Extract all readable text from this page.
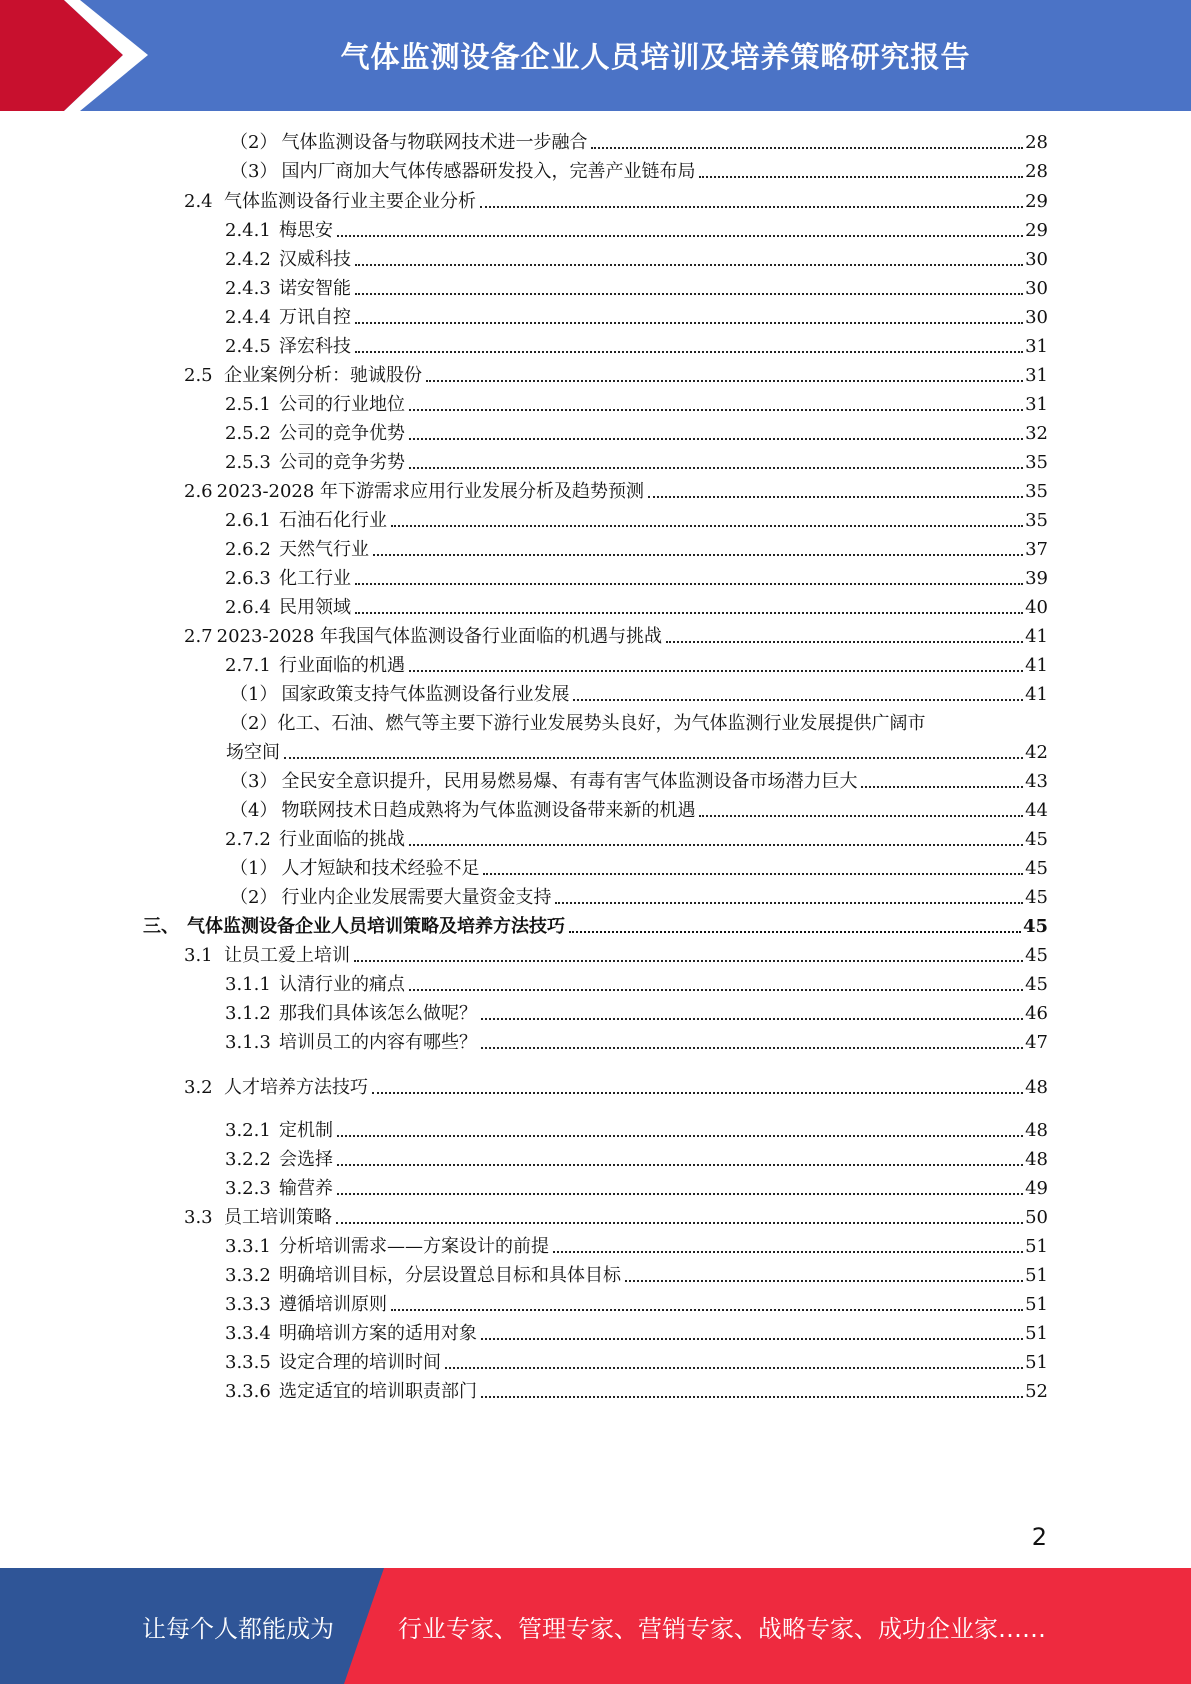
气体监测设备企业人员培训及培养策略研究报告
（2） 气体监测设备与物联网技术进一步融合	28
（3） 国内厂商加大气体传感器研发投入，完善产业链布局	28
2.4 气体监测设备行业主要企业分析	29
2.4.1 梅思安	29
2.4.2 汉威科技	30
2.4.3 诺安智能	30
2.4.4 万讯自控	30
2.4.5 泽宏科技	31
2.5 企业案例分析：驰诚股份	31
2.5.1 公司的行业地位	31
2.5.2 公司的竞争优势	32
2.5.3 公司的竞争劣势	35
2.6 2023-2028 年下游需求应用行业发展分析及趋势预测	35
2.6.1 石油石化行业	35
2.6.2 天然气行业	37
2.6.3 化工行业	39
2.6.4 民用领域	40
2.7 2023-2028 年我国气体监测设备行业面临的机遇与挑战	41
2.7.1 行业面临的机遇	41
（1） 国家政策支持气体监测设备行业发展	41
（2）化工、石油、燃气等主要下游行业发展势头良好，为气体监测行业发展提供广阔市
场空间	42
（3） 全民安全意识提升，民用易燃易爆、有毒有害气体监测设备市场潜力巨大	43
（4） 物联网技术日趋成熟将为气体监测设备带来新的机遇	44
2.7.2 行业面临的挑战	45
（1） 人才短缺和技术经验不足	45
（2） 行业内企业发展需要大量资金支持	45
三、 气体监测设备企业人员培训策略及培养方法技巧	45
3.1 让员工爱上培训	45
3.1.1 认清行业的痛点	45
3.1.2 那我们具体该怎么做呢？	46
3.1.3 培训员工的内容有哪些？	47
3.2 人才培养方法技巧	48
3.2.1 定机制	48
3.2.2 会选择	48
3.2.3 输营养	49
3.3 员工培训策略	50
3.3.1 分析培训需求——方案设计的前提	51
3.3.2 明确培训目标，分层设置总目标和具体目标	51
3.3.3 遵循培训原则	51
3.3.4 明确培训方案的适用对象	51
3.3.5 设定合理的培训时间	51
3.3.6 选定适宜的培训职责部门	52
2
让每个人都能成为	行业专家、管理专家、营销专家、战略专家、成功企业家……
